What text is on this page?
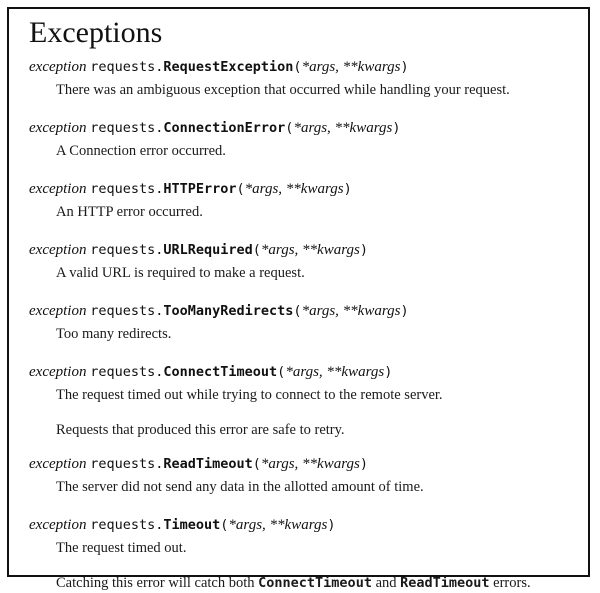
Exceptions
exception requests.RequestException(*args, **kwargs)
There was an ambiguous exception that occurred while handling your request.
exception requests.ConnectionError(*args, **kwargs)
A Connection error occurred.
exception requests.HTTPError(*args, **kwargs)
An HTTP error occurred.
exception requests.URLRequired(*args, **kwargs)
A valid URL is required to make a request.
exception requests.TooManyRedirects(*args, **kwargs)
Too many redirects.
exception requests.ConnectTimeout(*args, **kwargs)
The request timed out while trying to connect to the remote server.
Requests that produced this error are safe to retry.
exception requests.ReadTimeout(*args, **kwargs)
The server did not send any data in the allotted amount of time.
exception requests.Timeout(*args, **kwargs)
The request timed out.
Catching this error will catch both ConnectTimeout and ReadTimeout errors.
